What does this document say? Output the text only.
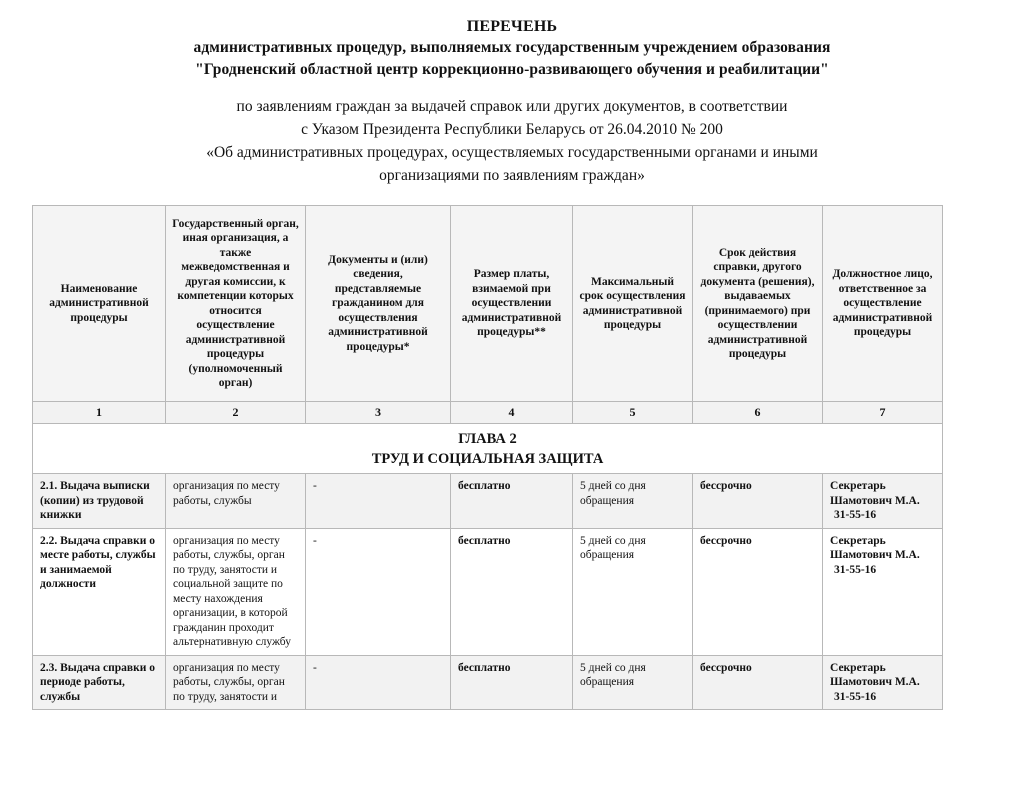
ПЕРЕЧЕНЬ
административных процедур, выполняемых государственным учреждением образования
"Гродненский областной центр коррекционно-развивающего обучения и реабилитации"
по заявлениям граждан за выдачей справок или других документов, в соответствии
с Указом Президента Республики Беларусь от 26.04.2010 № 200
«Об административных процедурах, осуществляемых государственными органами и иными
организациями по заявлениям граждан»
Наименование административной процедуры	Государственный орган, иная организация, а также межведомственная и другая комиссии, к компетенции которых относится осуществление административной процедуры (уполномоченный орган)	Документы и (или) сведения, представляемые гражданином для осуществления административной процедуры*	Размер платы, взимаемой при осуществлении административной процедуры**	Максимальный срок осуществления административной процедуры	Срок действия справки, другого документа (решения), выдаваемых (принимаемого) при осуществлении административной процедуры	Должностное лицо, ответственное за осуществление административной процедуры
1	2	3	4	5	6	7

ГЛАВА 2
ТРУД И СОЦИАЛЬНАЯ ЗАЩИТА						

2.1. Выдача выписки (копии) из трудовой книжки	организация по месту работы, службы	-	бесплатно	5 дней со дня обращения	бессрочно	Секретарь Шамотович М.А.
31-55-16

2.2. Выдача справки о месте работы, службы и занимаемой должности	организация по месту работы, службы, орган по труду, занятости и социальной защите по месту нахождения организации, в которой гражданин проходит альтернативную службу	-	бесплатно	5 дней со дня обращения	бессрочно	Секретарь Шамотович М.А.
31-55-16

2.3. Выдача справки о периоде работы, службы	организация по месту работы, службы, орган по труду, занятости и	-	бесплатно	5 дней со дня обращения	бессрочно	Секретарь Шамотович М.А.
31-55-16
